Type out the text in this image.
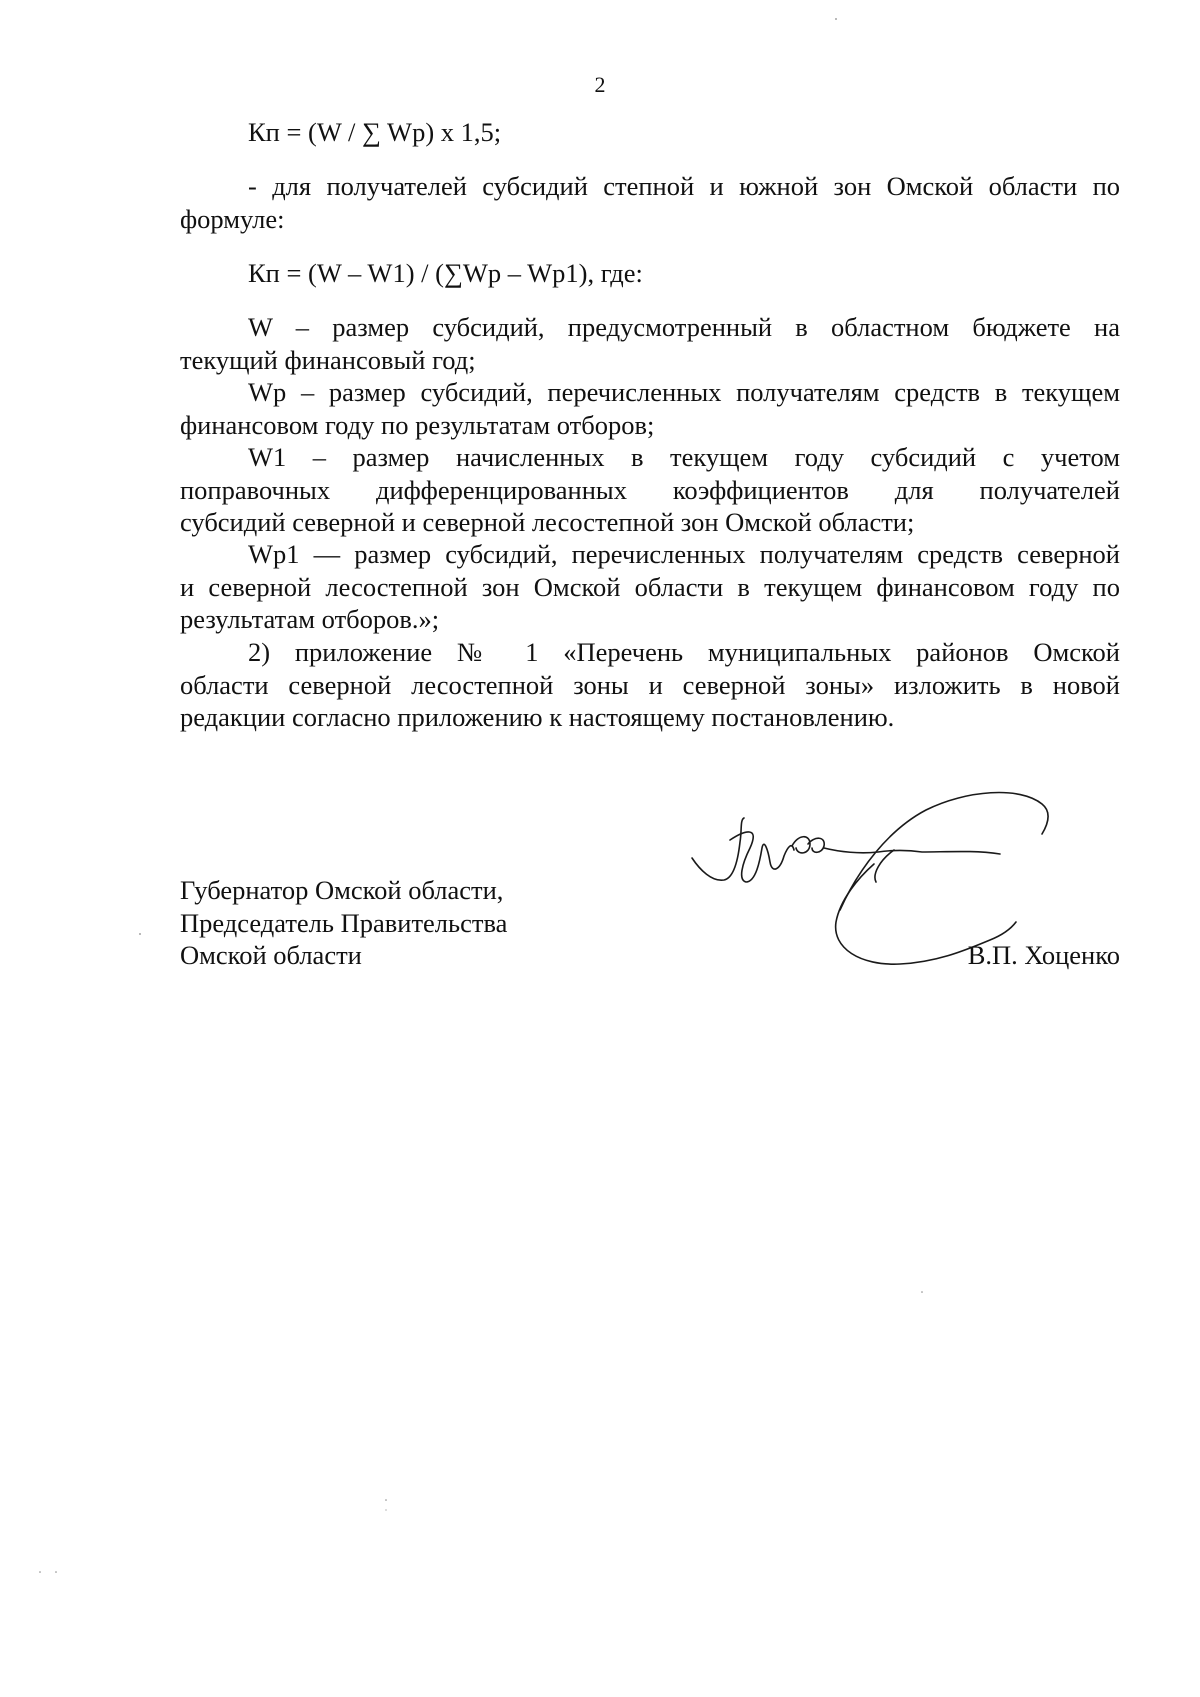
2
Кп = (W / ∑ Wp) x 1,5;
- для получателей субсидий степной и южной зон Омской области по
формуле:
Кп = (W – W1) / (∑Wp – Wp1), где:
W – размер субсидий, предусмотренный в областном бюджете на
текущий финансовый год;
Wp – размер субсидий, перечисленных получателям средств в текущем
финансовом году по результатам отборов;
W1 – размер начисленных в текущем году субсидий с учетом
поправочных дифференцированных коэффициентов для получателей
субсидий северной и северной лесостепной зон Омской области;
Wp1 — размер субсидий, перечисленных получателям средств северной
и северной лесостепной зон Омской области в текущем финансовом году по
результатам отборов.»;
2) приложение № 1 «Перечень муниципальных районов Омской
области северной лесостепной зоны и северной зоны» изложить в новой
редакции согласно приложению к настоящему постановлению.
Губернатор Омской области,
Председатель Правительства
Омской области	В.П. Хоценко
